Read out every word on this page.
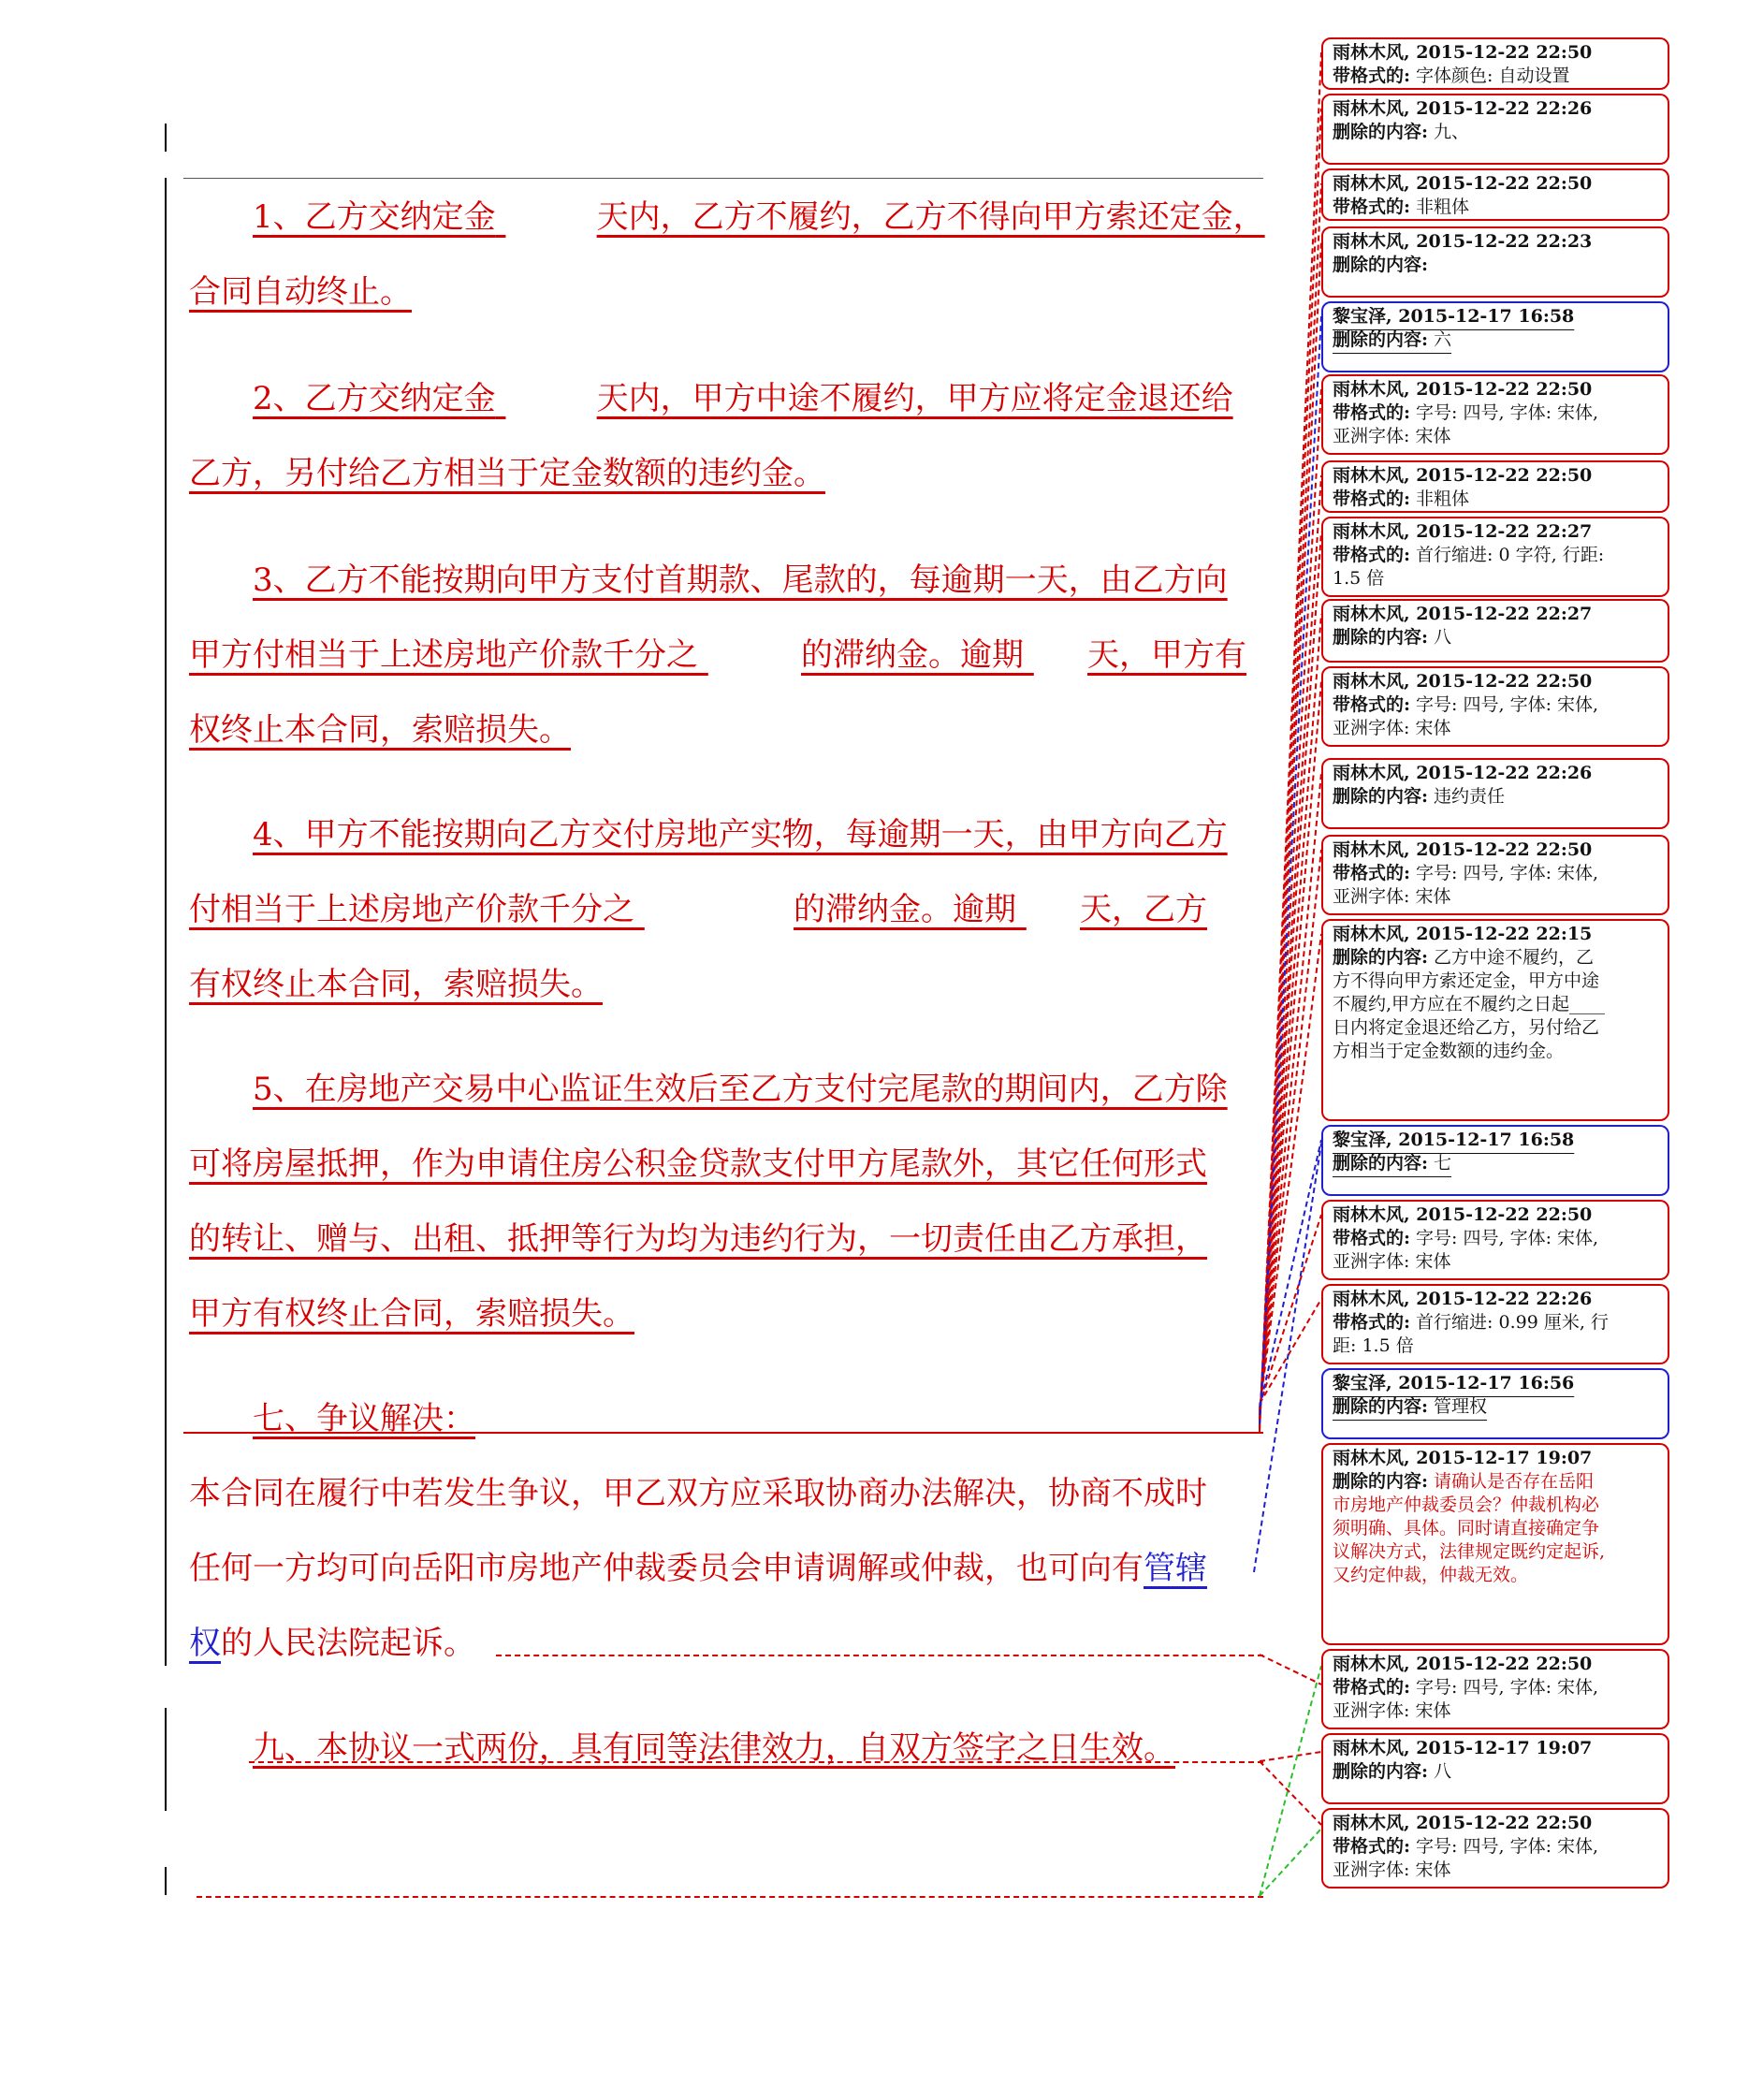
1、乙方交纳定金	天内，乙方不履约，乙方不得向甲方索还定金，
合同自动终止。
2、乙方交纳定金	天内，甲方中途不履约，甲方应将定金退还给
乙方，另付给乙方相当于定金数额的违约金。
3、乙方不能按期向甲方支付首期款、尾款的，每逾期一天，由乙方向
甲方付相当于上述房地产价款千分之	的滞纳金。逾期 天，甲方有
权终止本合同，索赔损失。
4、甲方不能按期向乙方交付房地产实物，每逾期一天，由甲方向乙方
付相当于上述房地产价款千分之	的滞纳金。逾期 天，乙方
有权终止本合同，索赔损失。
5、在房地产交易中心监证生效后至乙方支付完尾款的期间内，乙方除
可将房屋抵押，作为申请住房公积金贷款支付甲方尾款外，其它任何形式
的转让、赠与、出租、抵押等行为均为违约行为，一切责任由乙方承担，
甲方有权终止合同，索赔损失。
七、争议解决：
本合同在履行中若发生争议，甲乙双方应采取协商办法解决，协商不成时
任何一方均可向岳阳市房地产仲裁委员会申请调解或仲裁，也可向有管辖
权的人民法院起诉。
九、本协议一式两份，具有同等法律效力，自双方签字之日生效。
雨林木风, 2015-12-22 22:50
带格式的: 字体颜色: 自动设置
雨林木风, 2015-12-22 22:26
删除的内容: 九、
雨林木风, 2015-12-22 22:50
带格式的: 非粗体
雨林木风, 2015-12-22 22:23
删除的内容:
黎宝泽, 2015-12-17 16:58
删除的内容: 六
雨林木风, 2015-12-22 22:50
带格式的: 字号: 四号, 字体: 宋体,
亚洲字体: 宋体
雨林木风, 2015-12-22 22:50
带格式的: 非粗体
雨林木风, 2015-12-22 22:27
带格式的: 首行缩进: 0 字符, 行距:
1.5 倍
雨林木风, 2015-12-22 22:27
删除的内容: 八
雨林木风, 2015-12-22 22:50
带格式的: 字号: 四号, 字体: 宋体,
亚洲字体: 宋体
雨林木风, 2015-12-22 22:26
删除的内容: 违约责任
雨林木风, 2015-12-22 22:50
带格式的: 字号: 四号, 字体: 宋体,
亚洲字体: 宋体
雨林木风, 2015-12-22 22:15
删除的内容: 乙方中途不履约，乙
方不得向甲方索还定金，甲方中途
不履约,甲方应在不履约之日起____
日内将定金退还给乙方，另付给乙
方相当于定金数额的违约金。
黎宝泽, 2015-12-17 16:58
删除的内容: 七
雨林木风, 2015-12-22 22:50
带格式的: 字号: 四号, 字体: 宋体,
亚洲字体: 宋体
雨林木风, 2015-12-22 22:26
带格式的: 首行缩进: 0.99 厘米, 行
距: 1.5 倍
黎宝泽, 2015-12-17 16:56
删除的内容: 管理权
雨林木风, 2015-12-17 19:07
删除的内容: 请确认是否存在岳阳
市房地产仲裁委员会？仲裁机构必
须明确、具体。同时请直接确定争
议解决方式，法律规定既约定起诉,
又约定仲裁，仲裁无效。
雨林木风, 2015-12-22 22:50
带格式的: 字号: 四号, 字体: 宋体,
亚洲字体: 宋体
雨林木风, 2015-12-17 19:07
删除的内容: 八
雨林木风, 2015-12-22 22:50
带格式的: 字号: 四号, 字体: 宋体,
亚洲字体: 宋体
